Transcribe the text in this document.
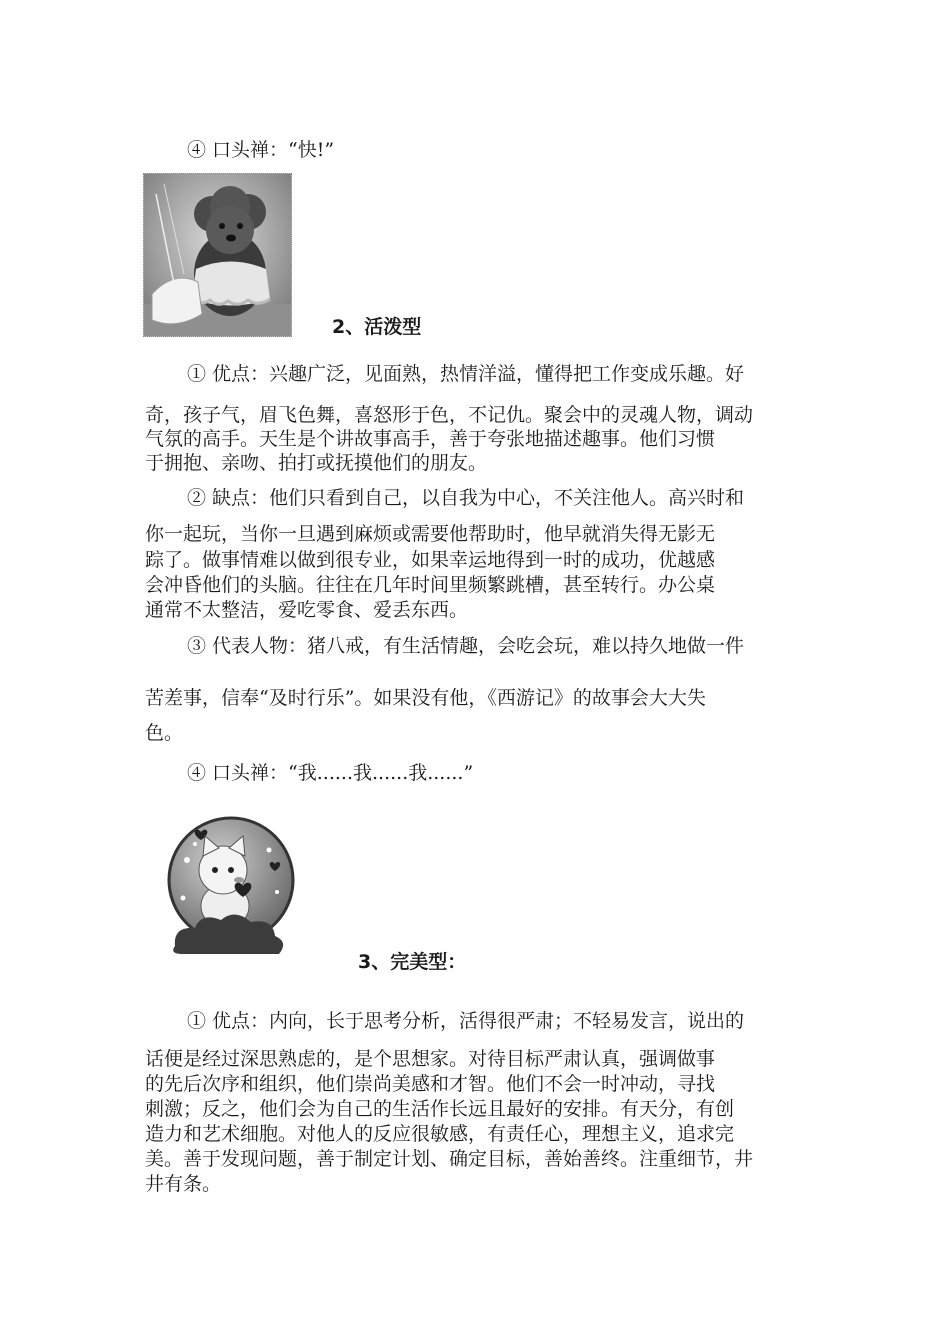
④ 口头禅：“快!”
2、活泼型
① 优点：兴趣广泛，见面熟，热情洋溢，懂得把工作变成乐趣。好
奇，孩子气，眉飞色舞，喜怒形于色，不记仇。聚会中的灵魂人物，调动
气氛的高手。天生是个讲故事高手，善于夸张地描述趣事。他们习惯
于拥抱、亲吻、拍打或抚摸他们的朋友。
② 缺点：他们只看到自己，以自我为中心，不关注他人。高兴时和
你一起玩，当你一旦遇到麻烦或需要他帮助时，他早就消失得无影无
踪了。做事情难以做到很专业，如果幸运地得到一时的成功，优越感
会冲昏他们的头脑。往往在几年时间里频繁跳槽，甚至转行。办公桌
通常不太整洁，爱吃零食、爱丢东西。
③ 代表人物：猪八戒，有生活情趣，会吃会玩，难以持久地做一件
苦差事，信奉“及时行乐”。如果没有他，《西游记》的故事会大大失
色。
④ 口头禅：“我......我......我......”
3、完美型：
① 优点：内向，长于思考分析，活得很严肃；不轻易发言，说出的
话便是经过深思熟虑的，是个思想家。对待目标严肃认真，强调做事
的先后次序和组织，他们崇尚美感和才智。他们不会一时冲动，寻找
刺激；反之，他们会为自己的生活作长远且最好的安排。有天分，有创
造力和艺术细胞。对他人的反应很敏感，有责任心，理想主义，追求完
美。善于发现问题，善于制定计划、确定目标，善始善终。注重细节，井
井有条。
